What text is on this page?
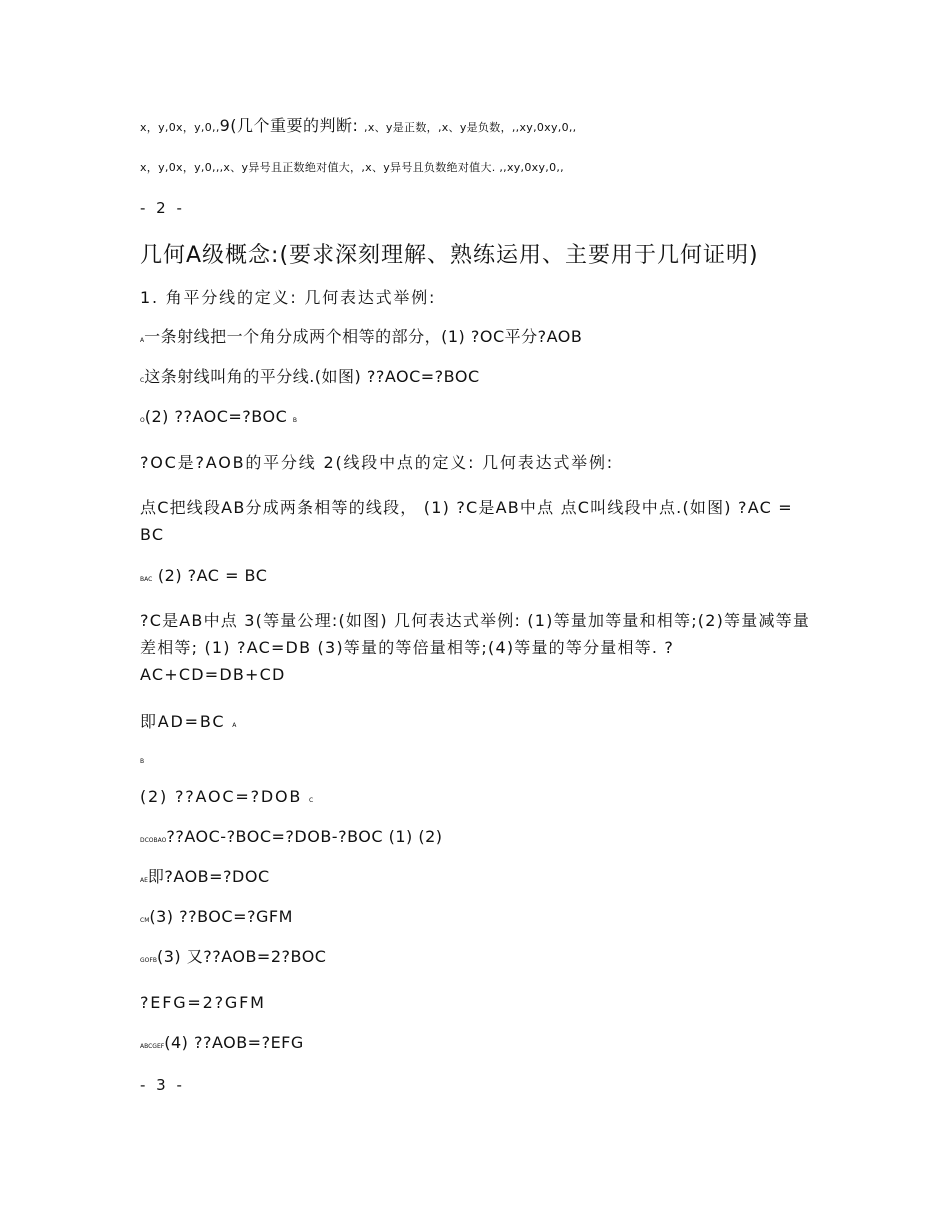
x，y,0x，y,0,,9(几个重要的判断: ,x、y是正数，,x、y是负数，,,xy,0xy,0,,
x，y,0x，y,0,,,x、y异号且正数绝对值大，,x、y异号且负数绝对值大. ,,xy,0xy,0,,
- 2 -
几何A级概念:(要求深刻理解、熟练运用、主要用于几何证明)
1. 角平分线的定义: 几何表达式举例:
A一条射线把一个角分成两个相等的部分，(1) ?OC平分?AOB
C这条射线叫角的平分线.(如图) ??AOC=?BOC
O(2) ??AOC=?BOC B
?OC是?AOB的平分线 2(线段中点的定义: 几何表达式举例:
点C把线段AB分成两条相等的线段， (1) ?C是AB中点 点C叫线段中点.(如图) ?AC = BC
BAC (2) ?AC = BC
?C是AB中点 3(等量公理:(如图) 几何表达式举例: (1)等量加等量和相等;(2)等量减等量差相等; (1) ?AC=DB (3)等量的等倍量相等;(4)等量的等分量相等. ?AC+CD=DB+CD
即AD=BC A
B
(2) ??AOC=?DOB C
DCOBAO??AOC-?BOC=?DOB-?BOC (1) (2)
AE即?AOB=?DOC
CM(3) ??BOC=?GFM
GOFB(3) 又??AOB=2?BOC
?EFG=2?GFM
ABCGEF(4) ??AOB=?EFG
- 3 -
